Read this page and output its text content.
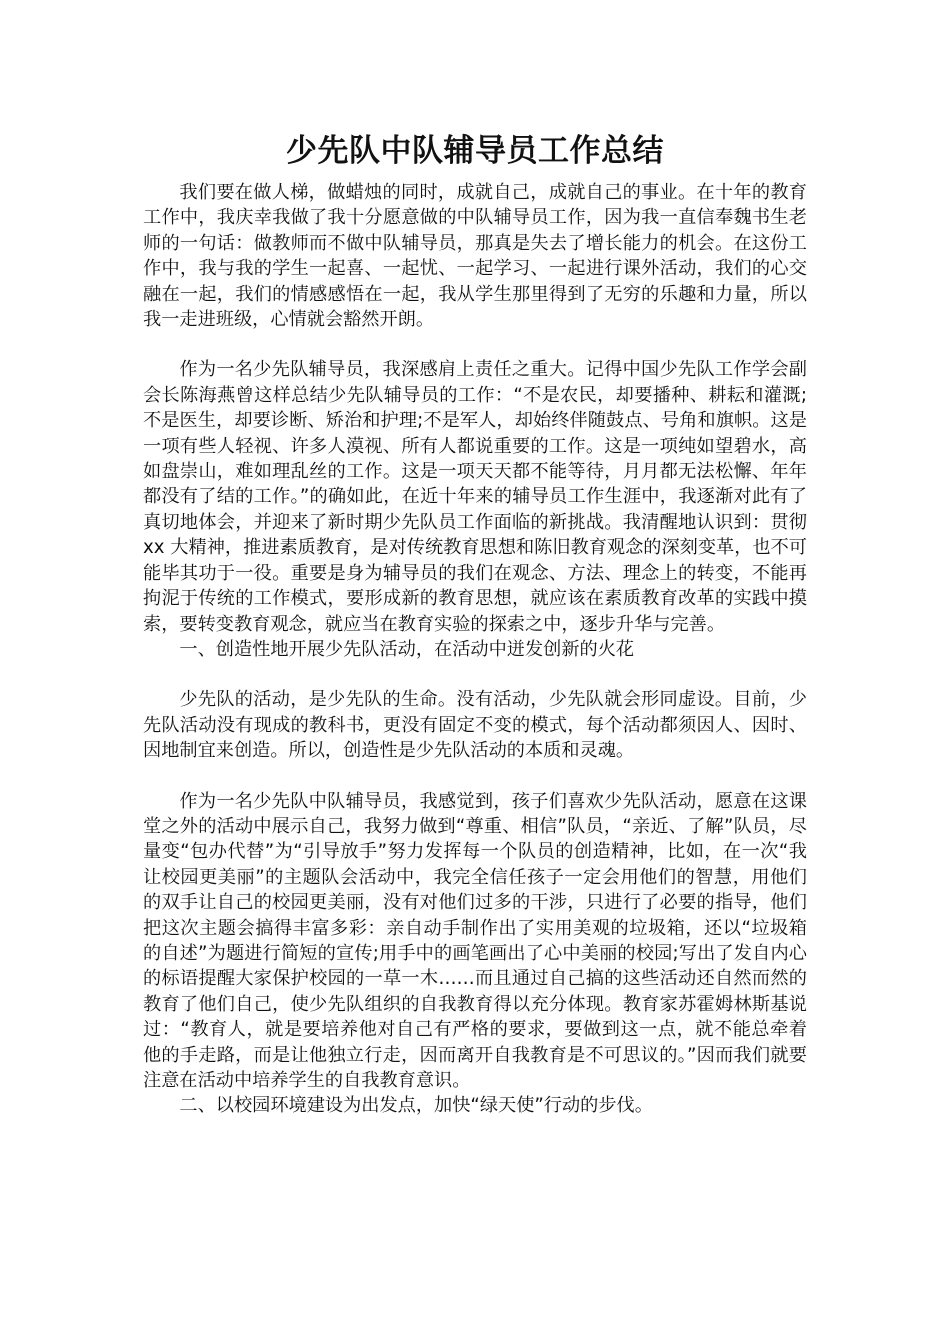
少先队中队辅导员工作总结

我们要在做人梯，做蜡烛的同时，成就自己，成就自己的事业。在十年的教育工作中，我庆幸我做了我十分愿意做的中队辅导员工作，因为我一直信奉魏书生老师的一句话：做教师而不做中队辅导员，那真是失去了增长能力的机会。在这份工作中，我与我的学生一起喜、一起忧、一起学习、一起进行课外活动，我们的心交融在一起，我们的情感感悟在一起，我从学生那里得到了无穷的乐趣和力量，所以我一走进班级，心情就会豁然开朗。

作为一名少先队辅导员，我深感肩上责任之重大。记得中国少先队工作学会副会长陈海燕曾这样总结少先队辅导员的工作：“不是农民，却要播种、耕耘和灌溉;不是医生，却要诊断、矫治和护理;不是军人，却始终伴随鼓点、号角和旗帜。这是一项有些人轻视、许多人漠视、所有人都说重要的工作。这是一项纯如望碧水，高如盘崇山，难如理乱丝的工作。这是一项天天都不能等待，月月都无法松懈、年年都没有了结的工作。”的确如此，在近十年来的辅导员工作生涯中，我逐渐对此有了真切地体会，并迎来了新时期少先队员工作面临的新挑战。我清醒地认识到：贯彻 xx 大精神，推进素质教育，是对传统教育思想和陈旧教育观念的深刻变革，也不可能毕其功于一役。重要是身为辅导员的我们在观念、方法、理念上的转变，不能再拘泥于传统的工作模式，要形成新的教育思想，就应该在素质教育改革的实践中摸索，要转变教育观念，就应当在教育实验的探索之中，逐步升华与完善。

一、创造性地开展少先队活动，在活动中迸发创新的火花

少先队的活动，是少先队的生命。没有活动，少先队就会形同虚设。目前，少先队活动没有现成的教科书，更没有固定不变的模式，每个活动都须因人、因时、因地制宜来创造。所以，创造性是少先队活动的本质和灵魂。

作为一名少先队中队辅导员，我感觉到，孩子们喜欢少先队活动，愿意在这课堂之外的活动中展示自己，我努力做到“尊重、相信”队员，“亲近、了解”队员，尽量变“包办代替”为“引导放手”努力发挥每一个队员的创造精神，比如，在一次“我让校园更美丽”的主题队会活动中，我完全信任孩子一定会用他们的智慧，用他们的双手让自己的校园更美丽，没有对他们过多的干涉，只进行了必要的指导，他们把这次主题会搞得丰富多彩：亲自动手制作出了实用美观的垃圾箱，还以“垃圾箱的自述”为题进行简短的宣传;用手中的画笔画出了心中美丽的校园;写出了发自内心的标语提醒大家保护校园的一草一木……而且通过自己搞的这些活动还自然而然的教育了他们自己，使少先队组织的自我教育得以充分体现。教育家苏霍姆林斯基说过：“教育人，就是要培养他对自己有严格的要求，要做到这一点，就不能总牵着他的手走路，而是让他独立行走，因而离开自我教育是不可思议的。”因而我们就要注意在活动中培养学生的自我教育意识。

二、以校园环境建设为出发点，加快“绿天使”行动的步伐。
